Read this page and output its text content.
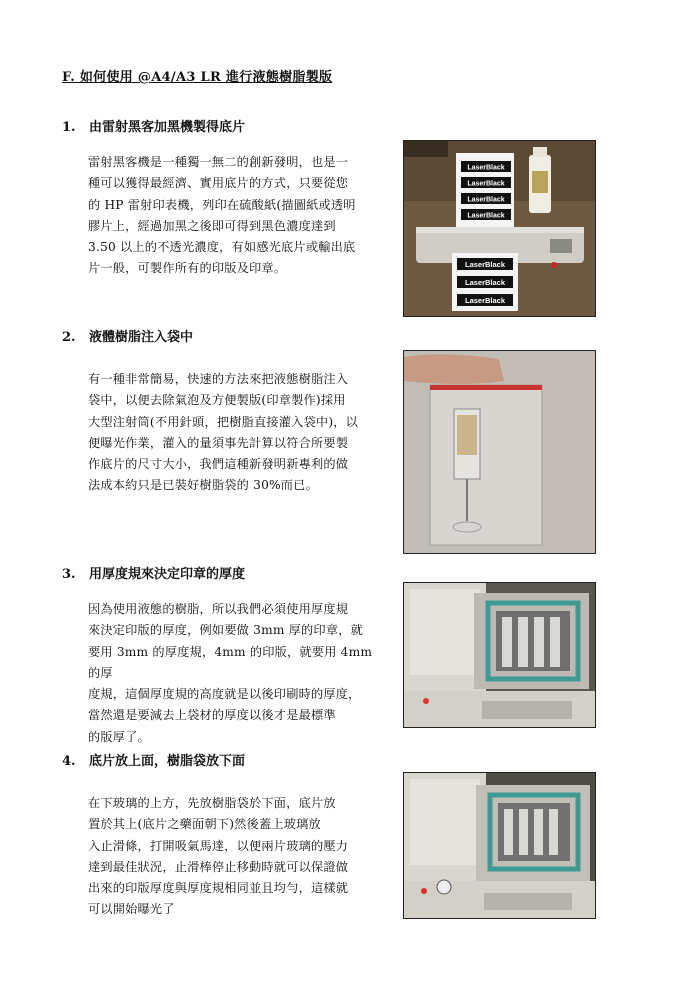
F. 如何使用 @A4/A3 LR 進行液態樹脂製版
1. 由雷射黑客加黑機製得底片
雷射黑客機是一種獨一無二的創新發明，也是一
種可以獲得最經濟、實用底片的方式，只要從您
的 HP 雷射印表機，列印在硫酸紙(描圖紙或透明
膠片上，經過加黑之後即可得到黑色濃度達到
3.50 以上的不透光濃度，有如感光底片或輸出底
片一般，可製作所有的印版及印章。
LaserBlack
LaserBlack
LaserBlack
LaserBlack
LaserBlack
LaserBlack
LaserBlack
2. 液體樹脂注入袋中
有一種非常簡易，快速的方法來把液態樹脂注入
袋中，以便去除氣泡及方便製版(印章製作)採用
大型注射筒(不用針頭，把樹脂直接灌入袋中)，以
便曝光作業，灌入的量須事先計算以符合所要製
作底片的尺寸大小，我們這種新發明新專利的做
法成本約只是已裝好樹脂袋的 30%而已。
3. 用厚度規來決定印章的厚度
因為使用液態的樹脂，所以我們必須使用厚度規
來決定印版的厚度，例如要做 3mm 厚的印章，就
要用 3mm 的厚度規，4mm 的印版，就要用 4mm 的厚
度規，這個厚度規的高度就是以後印刷時的厚度，
當然還是要減去上袋材的厚度以後才是最標準
的版厚了。
4. 底片放上面，樹脂袋放下面
在下玻璃的上方，先放樹脂袋於下面，底片放
置於其上(底片之藥面朝下)然後蓋上玻璃放
入止滑條，打開吸氣馬達，以便兩片玻璃的壓力
達到最佳狀況，止滑棒停止移動時就可以保證做
出來的印版厚度與厚度規相同並且均勻，這樣就
可以開始曝光了
